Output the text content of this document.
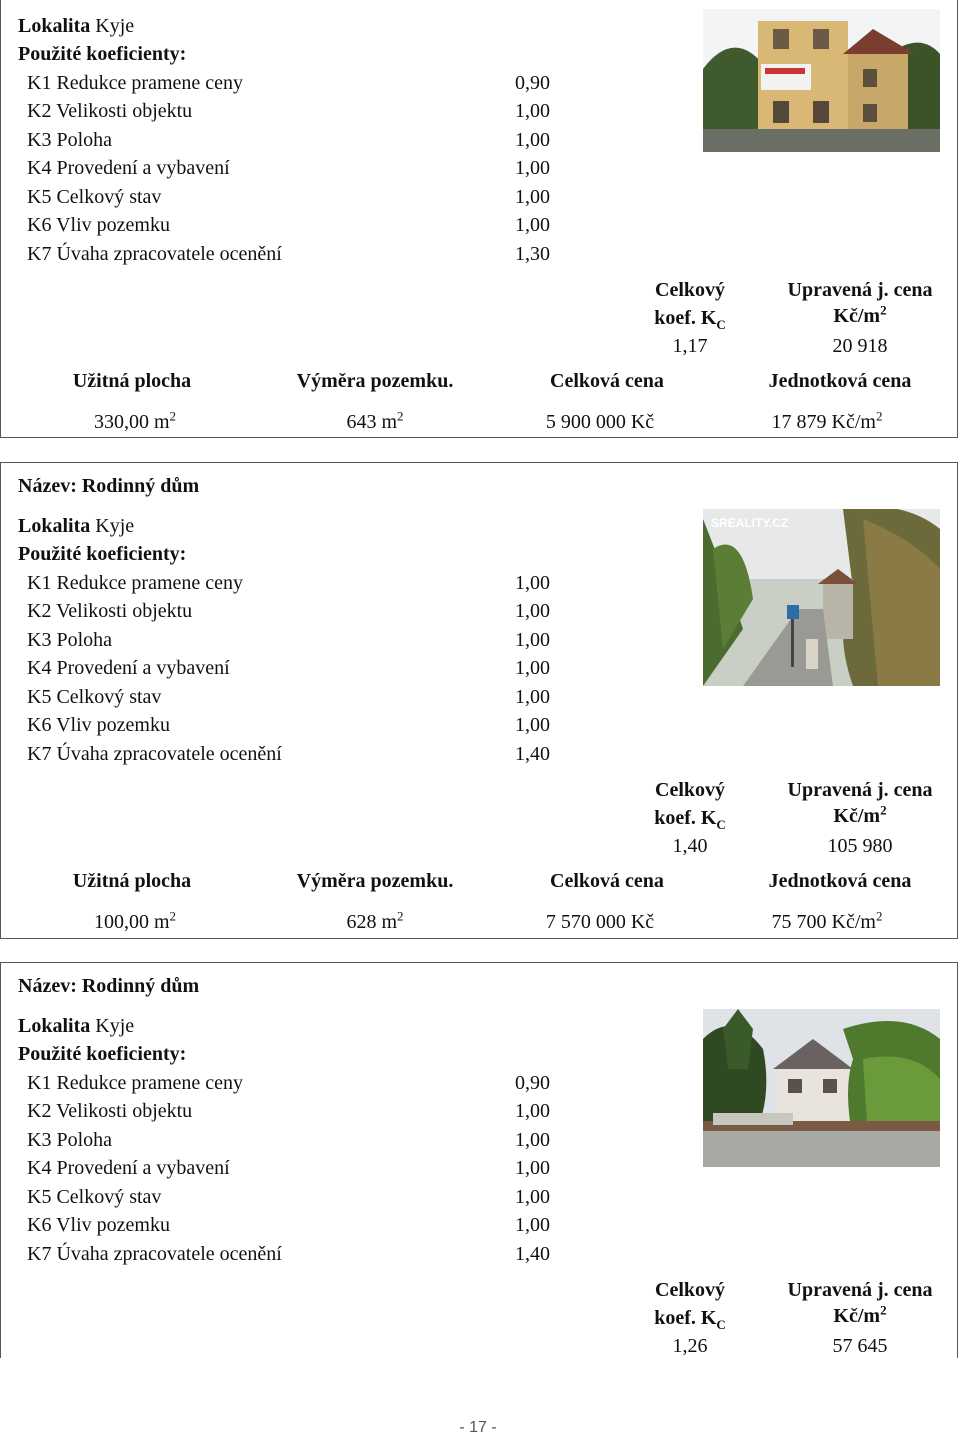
Lokalita Kyje
Použité koeficienty:
K1 Redukce pramene ceny	0,90
K2 Velikosti objektu	1,00
K3 Poloha	1,00
K4 Provedení a vybavení	1,00
K5 Celkový stav	1,00
K6 Vliv pozemku	1,00
K7 Úvaha zpracovatele ocenění	1,30
Celkový
koef. $K_C$
1,17
Upravená j. cena
$Kč/m^2$
20 918
Užitná plocha	Výměra pozemku.	Celková cena	Jednotková cena
330,00 $m^2$	643 $m^2$	5 900 000 Kč	17 879 $Kč/m^2$
Název: Rodinný dům
Lokalita Kyje
Použité koeficienty:
K1 Redukce pramene ceny	1,00
K2 Velikosti objektu	1,00
K3 Poloha	1,00
K4 Provedení a vybavení	1,00
K5 Celkový stav	1,00
K6 Vliv pozemku	1,00
K7 Úvaha zpracovatele ocenění	1,40
SREALITY.CZ
Celkový
koef. $K_C$
1,40
Upravená j. cena
$Kč/m^2$
105 980
Užitná plocha	Výměra pozemku.	Celková cena	Jednotková cena
100,00 $m^2$	628 $m^2$	7 570 000 Kč	75 700 $Kč/m^2$
Název: Rodinný dům
Lokalita Kyje
Použité koeficienty:
K1 Redukce pramene ceny	0,90
K2 Velikosti objektu	1,00
K3 Poloha	1,00
K4 Provedení a vybavení	1,00
K5 Celkový stav	1,00
K6 Vliv pozemku	1,00
K7 Úvaha zpracovatele ocenění	1,40
Celkový
koef. $K_C$
1,26
Upravená j. cena
$Kč/m^2$
57 645
- 17 -
